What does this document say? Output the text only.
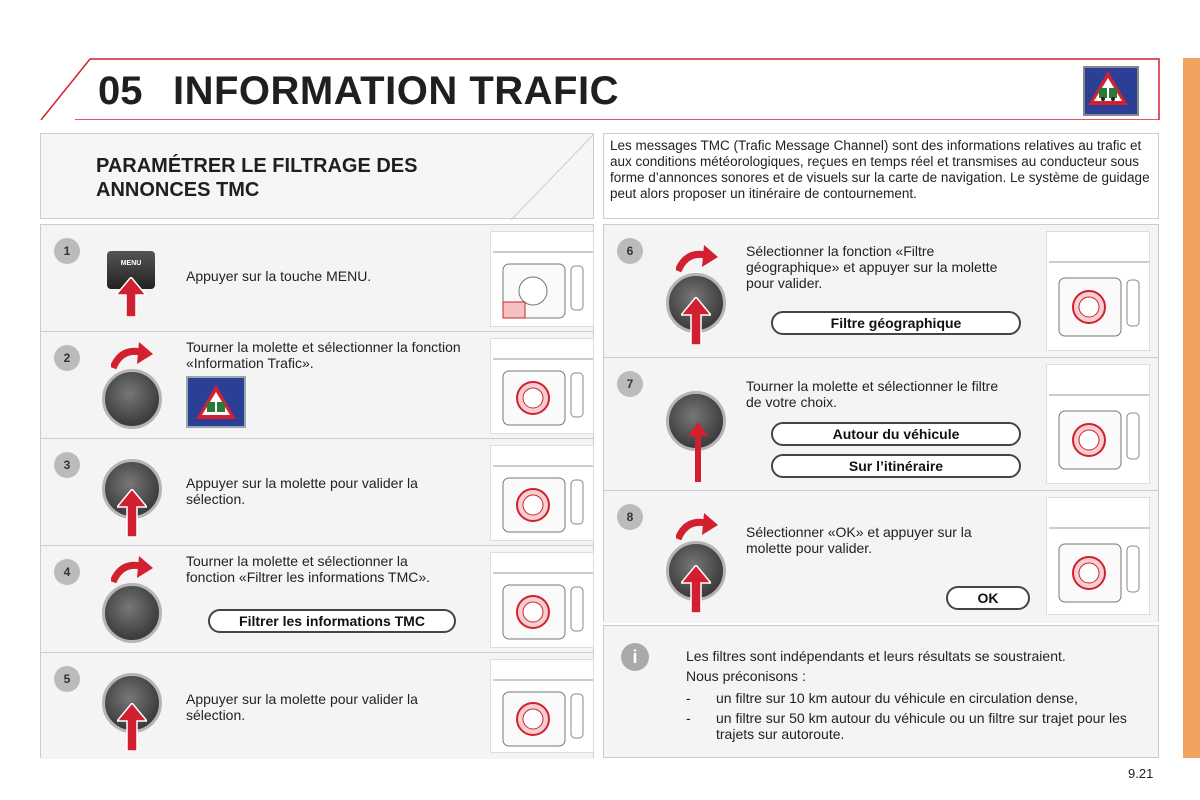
05 INFORMATION TRAFIC
PARAMÉTRER LE FILTRAGE DES ANNONCES TMC
Les messages TMC (Trafic Message Channel) sont des informations relatives au trafic et aux conditions météorologiques, reçues en temps réel et transmises au conducteur sous forme d’annonces sonores et de visuels sur la carte de navigation. Le système de guidage peut alors proposer un itinéraire de contournement.
1
MENU
Appuyer sur la touche MENU.
2
Tourner la molette et sélectionner la fonction «Information Trafic».
3
Appuyer sur la molette pour valider la sélection.
4
Tourner la molette et sélectionner la fonction «Filtrer les informations TMC».
Filtrer les informations TMC
5
Appuyer sur la molette pour valider la sélection.
6	Sélectionner la fonction «Filtre géographique» et appuyer sur la molette pour valider.
Filtre géographique
7	Tourner la molette et sélectionner le filtre de votre choix.
Autour du véhicule
Sur l’itinéraire
8
Sélectionner «OK» et appuyer sur la molette pour valider.
OK
i	Les filtres sont indépendants et leurs résultats se soustraient.
Nous préconisons :
-	un filtre sur 10 km autour du véhicule en circulation dense,
-	un filtre sur 50 km autour du véhicule ou un filtre sur trajet pour les trajets sur autoroute.
9.21
